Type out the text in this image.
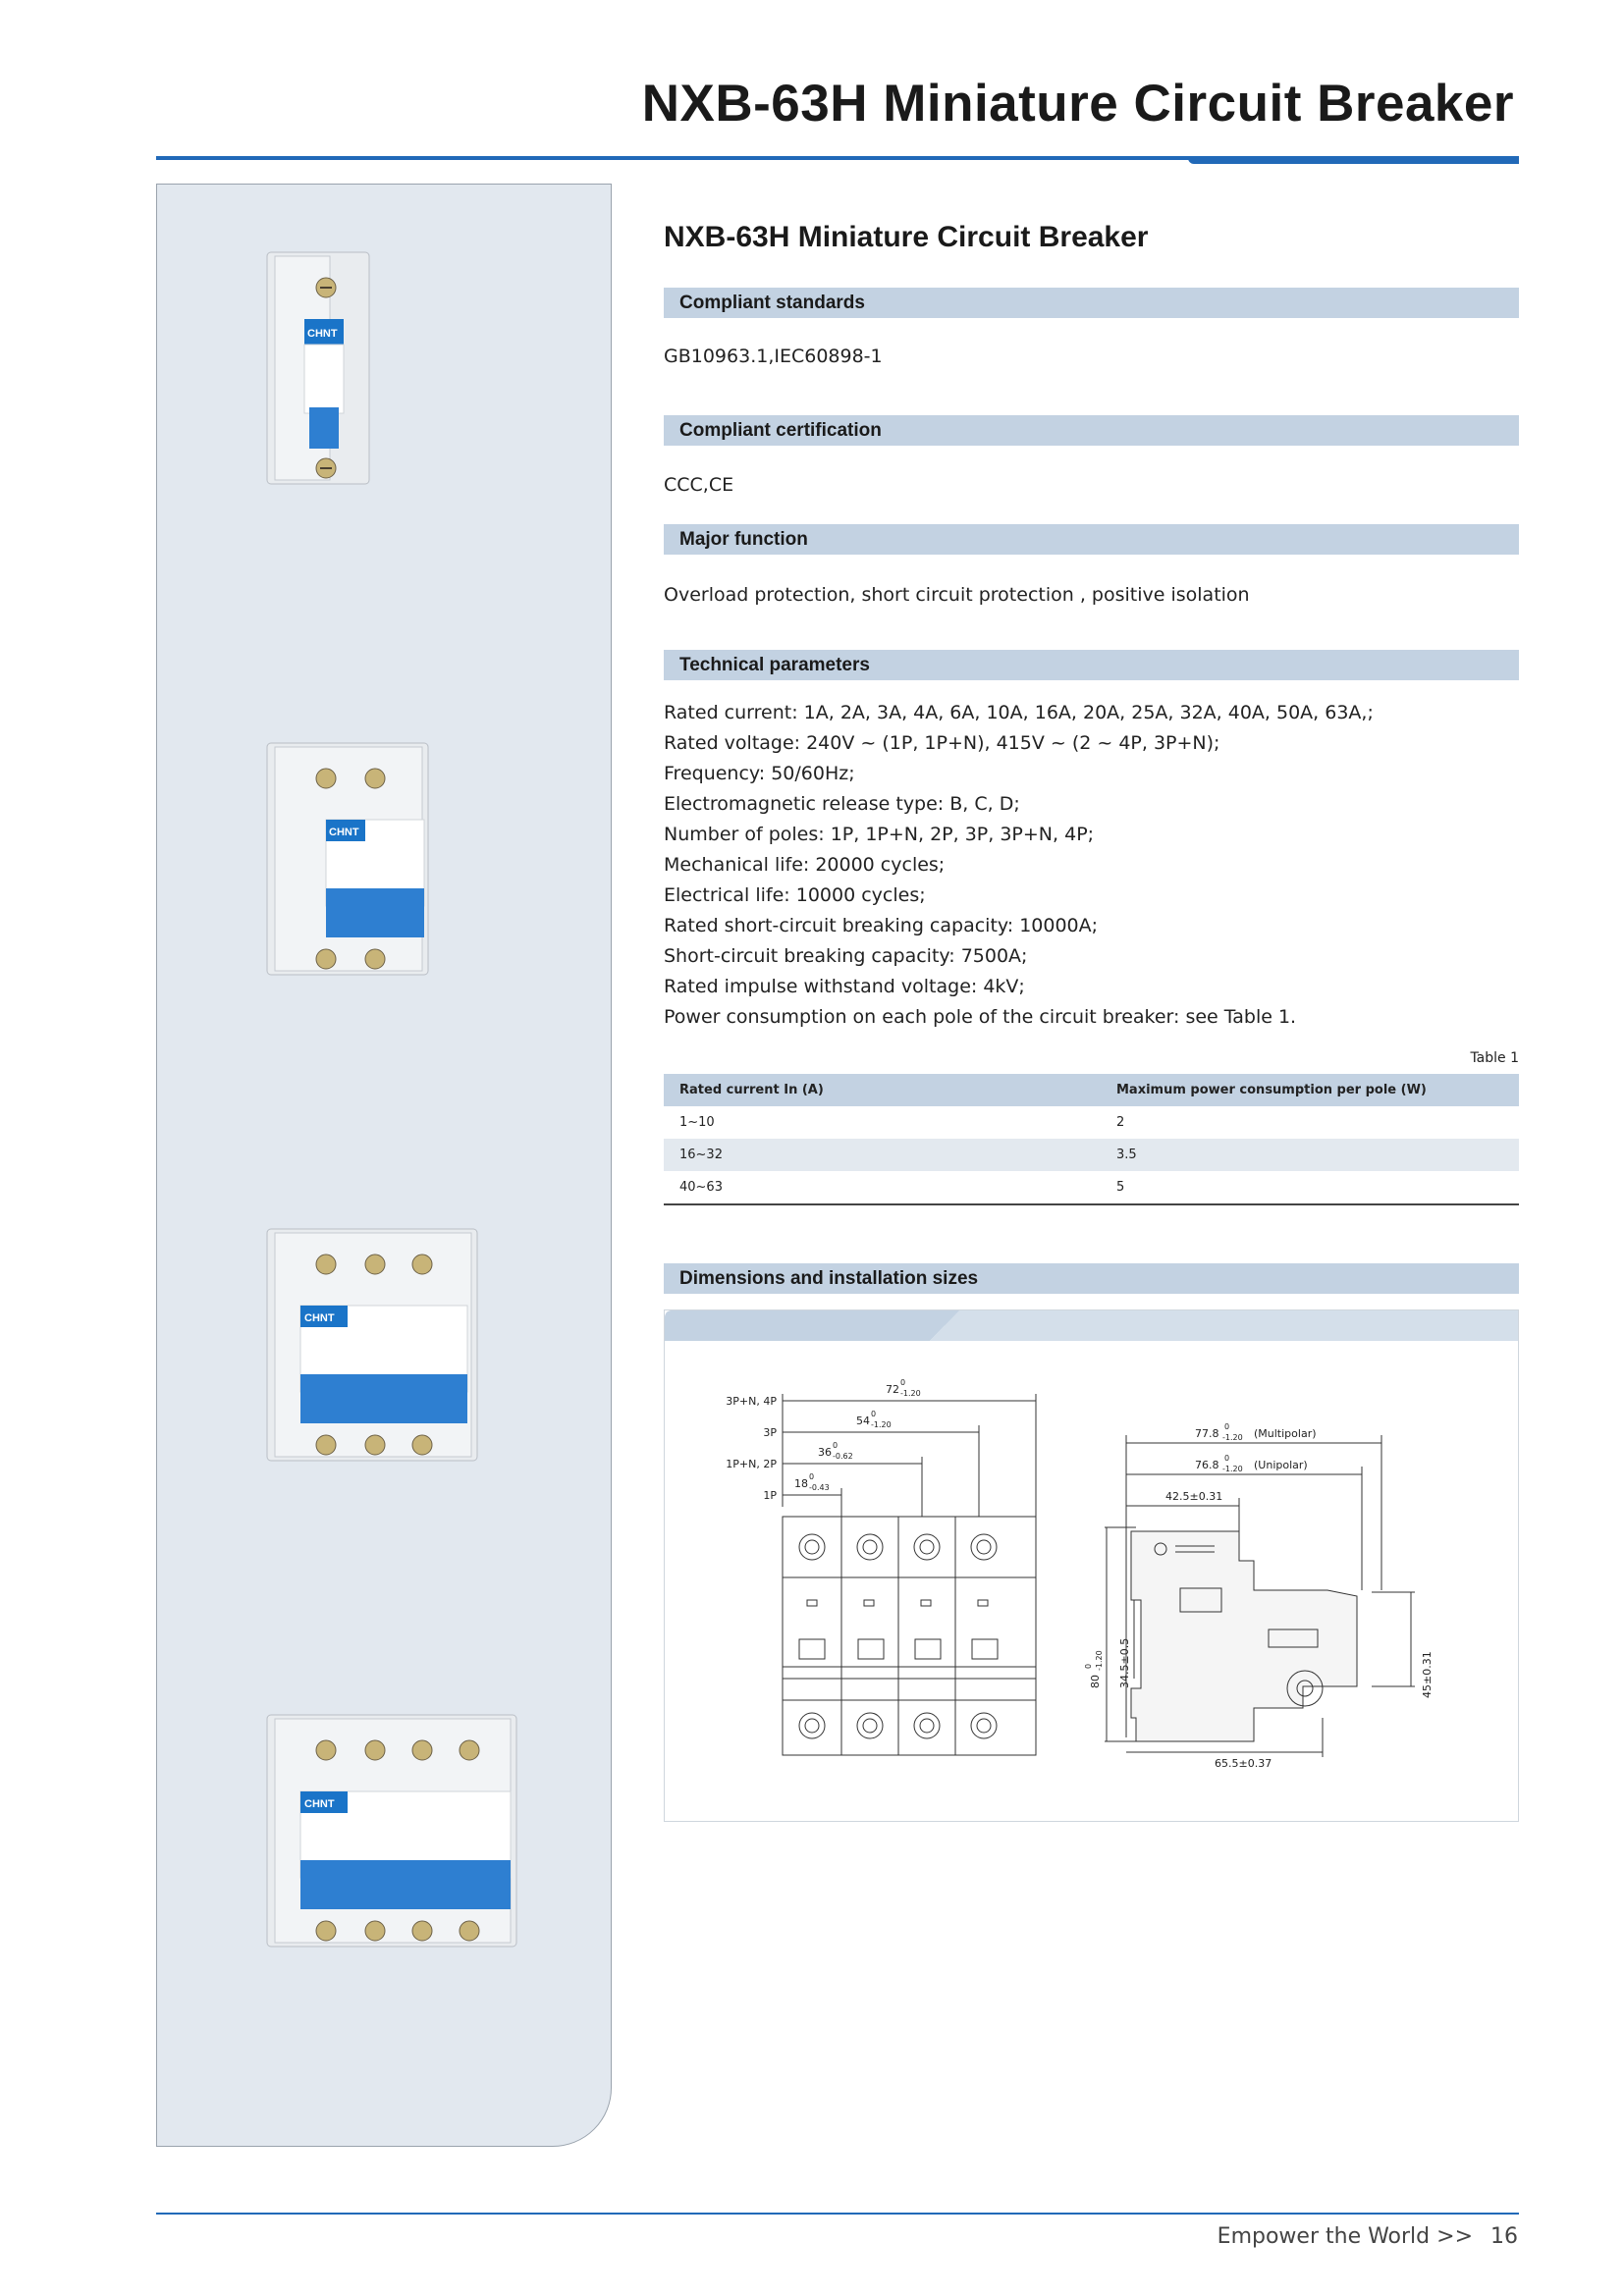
NXB-63H Miniature Circuit Breaker
CHNT
CHNT
CHNT
CHNT
NXB-63H Miniature Circuit Breaker
Compliant standards
GB10963.1,IEC60898-1
Compliant certification
CCC,CE
Major function
Overload protection, short circuit protection , positive isolation
Technical parameters
Rated current: 1A, 2A, 3A, 4A, 6A, 10A, 16A, 20A, 25A, 32A, 40A, 50A, 63A,;
Rated voltage: 240V ~ (1P, 1P+N), 415V ~ (2 ~ 4P, 3P+N);
Frequency: 50/60Hz;
Electromagnetic release type: B, C, D;
Number of poles: 1P, 1P+N, 2P, 3P, 3P+N, 4P;
Mechanical life: 20000 cycles;
Electrical life: 10000 cycles;
Rated short-circuit breaking capacity: 10000A;
Short-circuit breaking capacity: 7500A;
Rated impulse withstand voltage: 4kV;
Power consumption on each pole of the circuit breaker: see Table 1.
Table 1
Rated current In (A)	Maximum power consumption per pole (W)
1~10	2
16~32	3.5
40~63	5
Dimensions and installation sizes
3P+N, 4P
3P
1P+N, 2P
1P
72
0
-1.20
54
0
-1.20
36
0
-0.62
18
0
-0.43
77.8
0
-1.20 (Multipolar)
76.8
0
-1.20 (Unipolar)
42.5±0.31
65.5±0.37
80
0 -1.20 34.5±0.5	45±0.31
Empower the World >> 16
